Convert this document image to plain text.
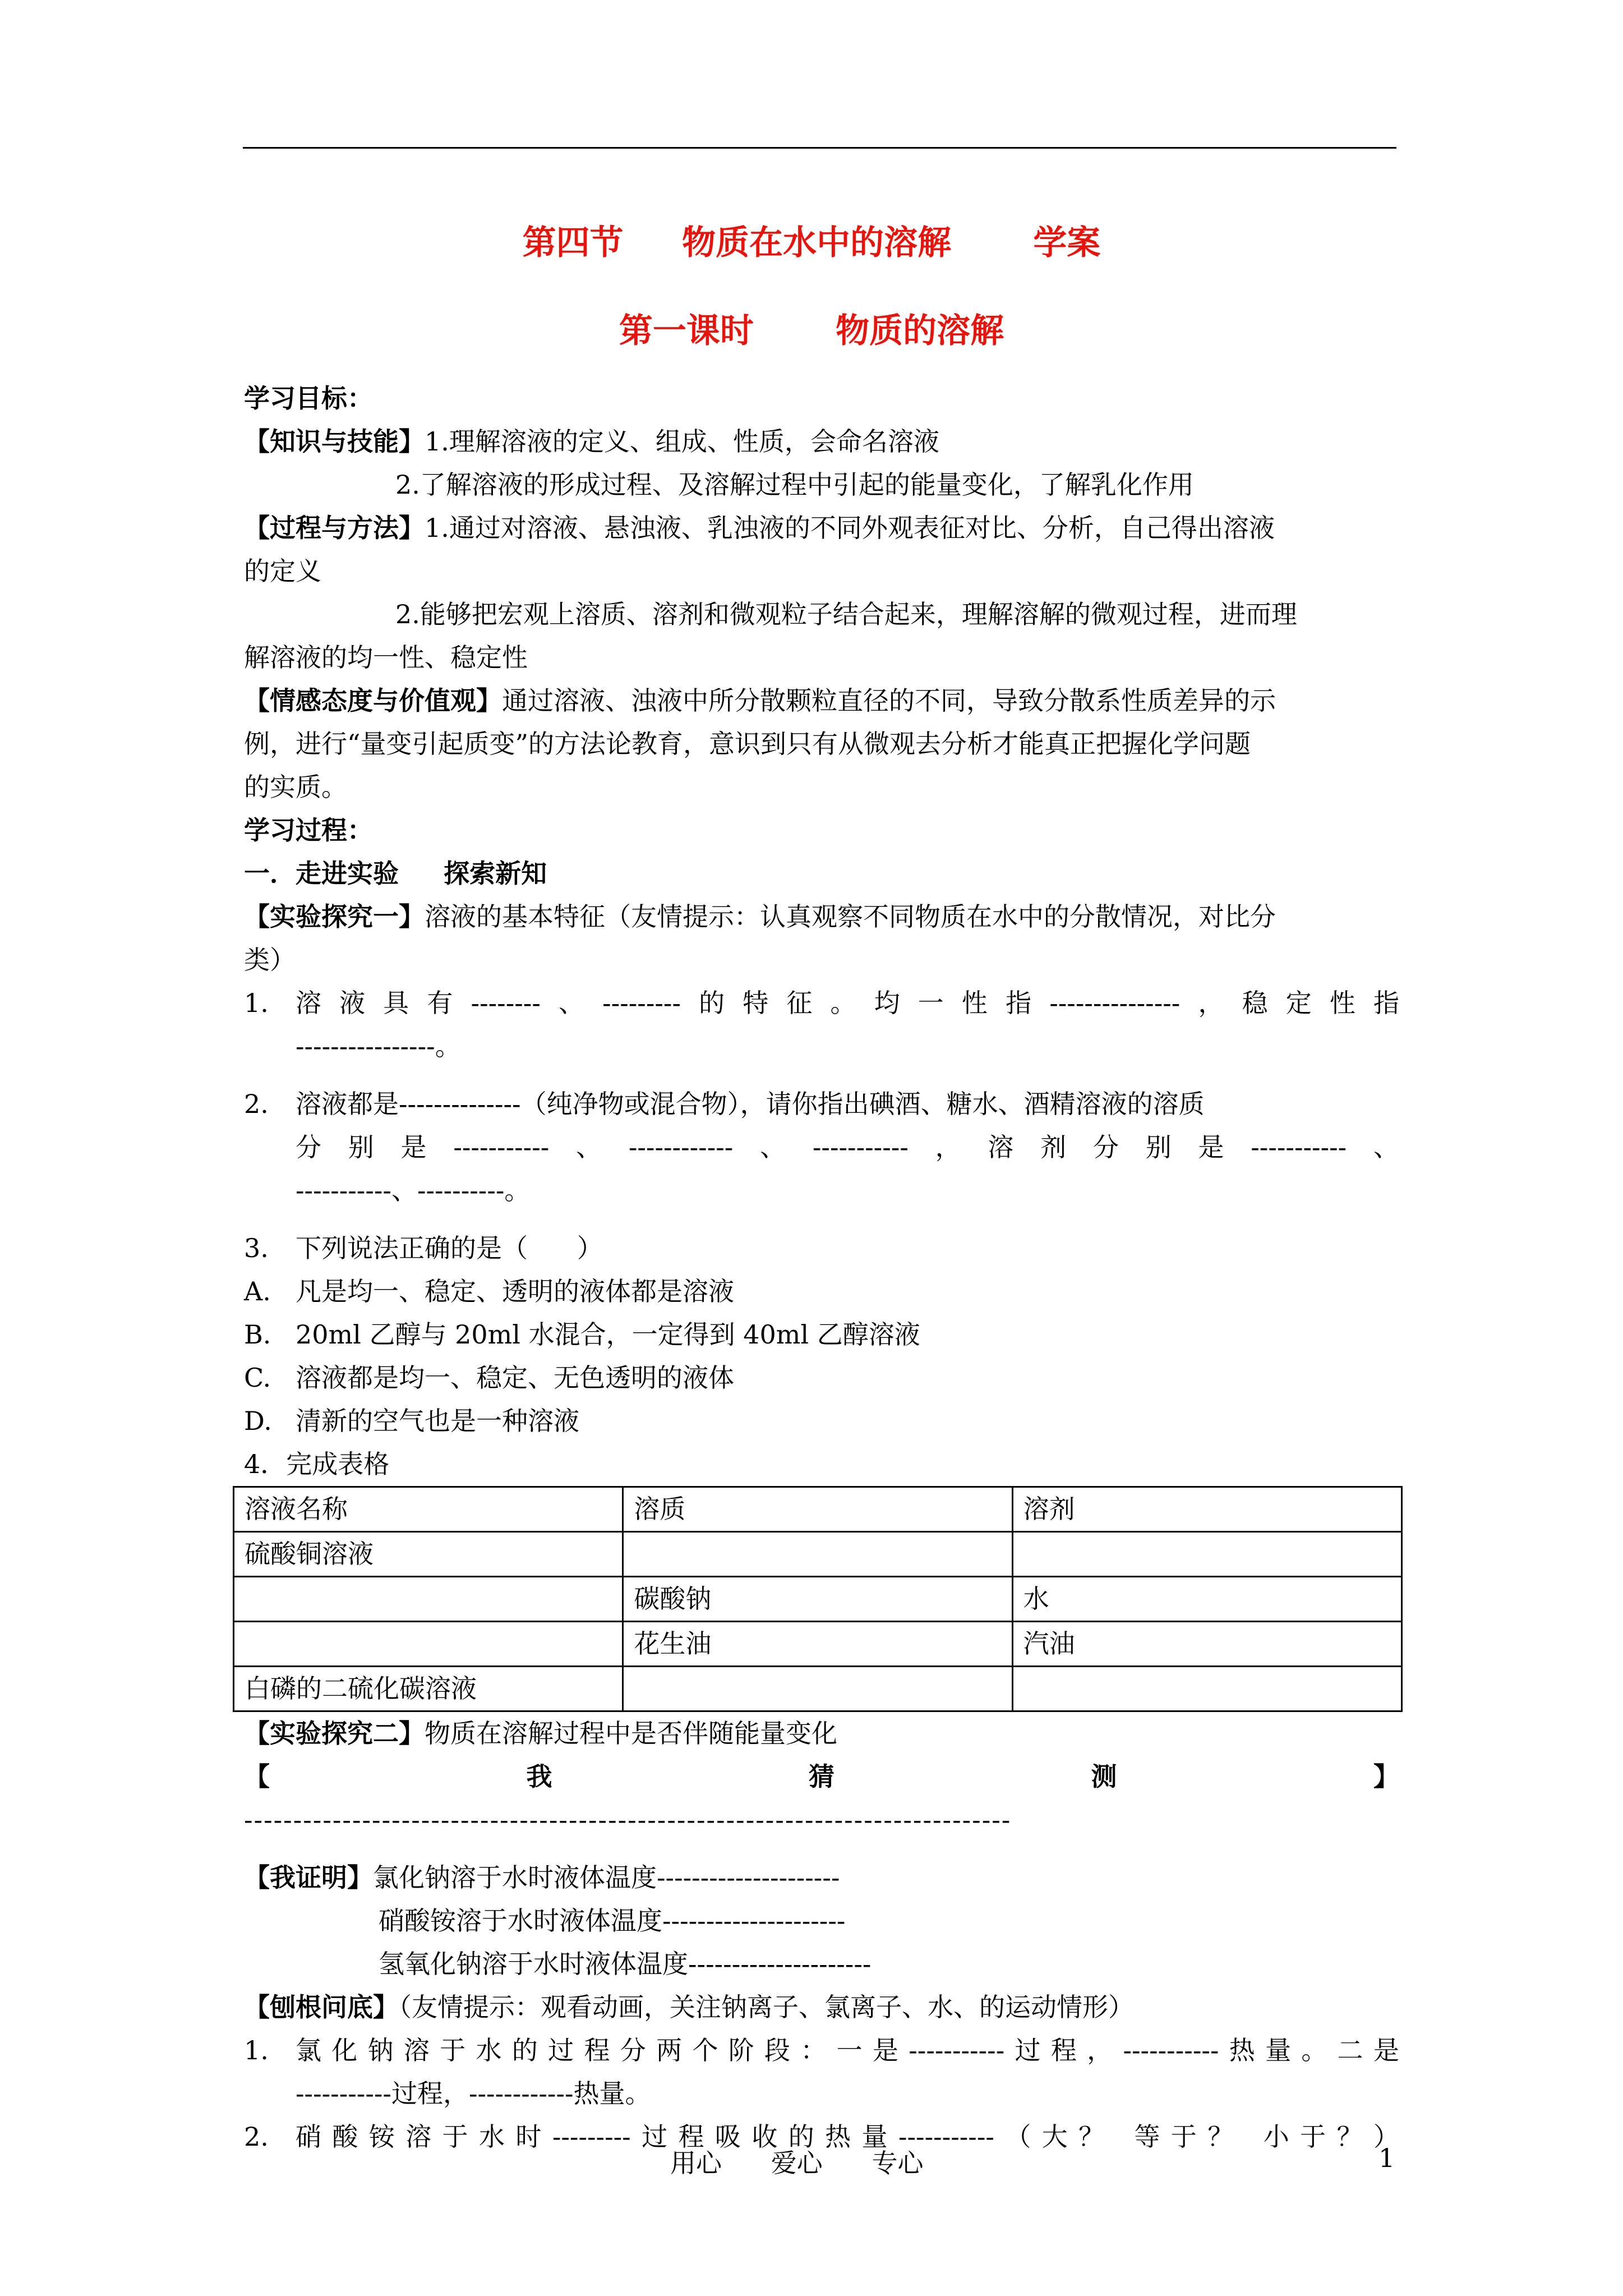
第四节     物质在水中的溶解       学案
第一课时       物质的溶解

学习目标：

【知识与技能】1.理解溶液的定义、组成、性质，会命名溶液

2.了解溶液的形成过程、及溶解过程中引起的能量变化，了解乳化作用

【过程与方法】1.通过对溶液、悬浊液、乳浊液的不同外观表征对比、分析，自己得出溶液

的定义

2.能够把宏观上溶质、溶剂和微观粒子结合起来，理解溶解的微观过程，进而理

解溶液的均一性、稳定性

【情感态度与价值观】通过溶液、浊液中所分散颗粒直径的不同，导致分散系性质差异的示

例，进行“量变引起质变”的方法论教育，意识到只有从微观去分析才能真正把握化学问题

的实质。

学习过程：

一．走进实验     探索新知

【实验探究一】溶液的基本特征（友情提示：认真观察不同物质在水中的分散情况，对比分

类）

1.	溶液具有--------、---------的特征。均一性指---------------，稳定性指

----------------。

2.	溶液都是--------------（纯净物或混合物），请你指出碘酒、糖水、酒精溶液的溶质

分别是-----------、------------、-----------，溶剂分别是-----------、

-----------、----------。

3.	下列说法正确的是（      ）
A. 凡是均一、稳定、透明的液体都是溶液
B. 20ml 乙醇与 20ml 水混合，一定得到 40ml 乙醇溶液
C. 溶液都是均一、稳定、无色透明的液体
D. 清新的空气也是一种溶液

4．完成表格

溶液名称	溶质	溶剂
硫酸铜溶液		
	碳酸钠	水
	花生油	汽油
白磷的二硫化碳溶液		

【实验探究二】物质在溶解过程中是否伴随能量变化

【	我	猜	测	】

------------------------------------------------------------------------------

【我证明】氯化钠溶于水时液体温度---------------------

硝酸铵溶于水时液体温度---------------------

氢氧化钠溶于水时液体温度---------------------

【刨根问底】（友情提示：观看动画，关注钠离子、氯离子、水、的运动情形）

1.	氯化钠溶于水的过程分两个阶段：一是-----------过程，-----------热量。二是

-----------过程，------------热量。

2.	硝酸铵溶于水时---------过程吸收的热量-----------（大？ 等于？ 小于？）

用心      爱心      专心	1
